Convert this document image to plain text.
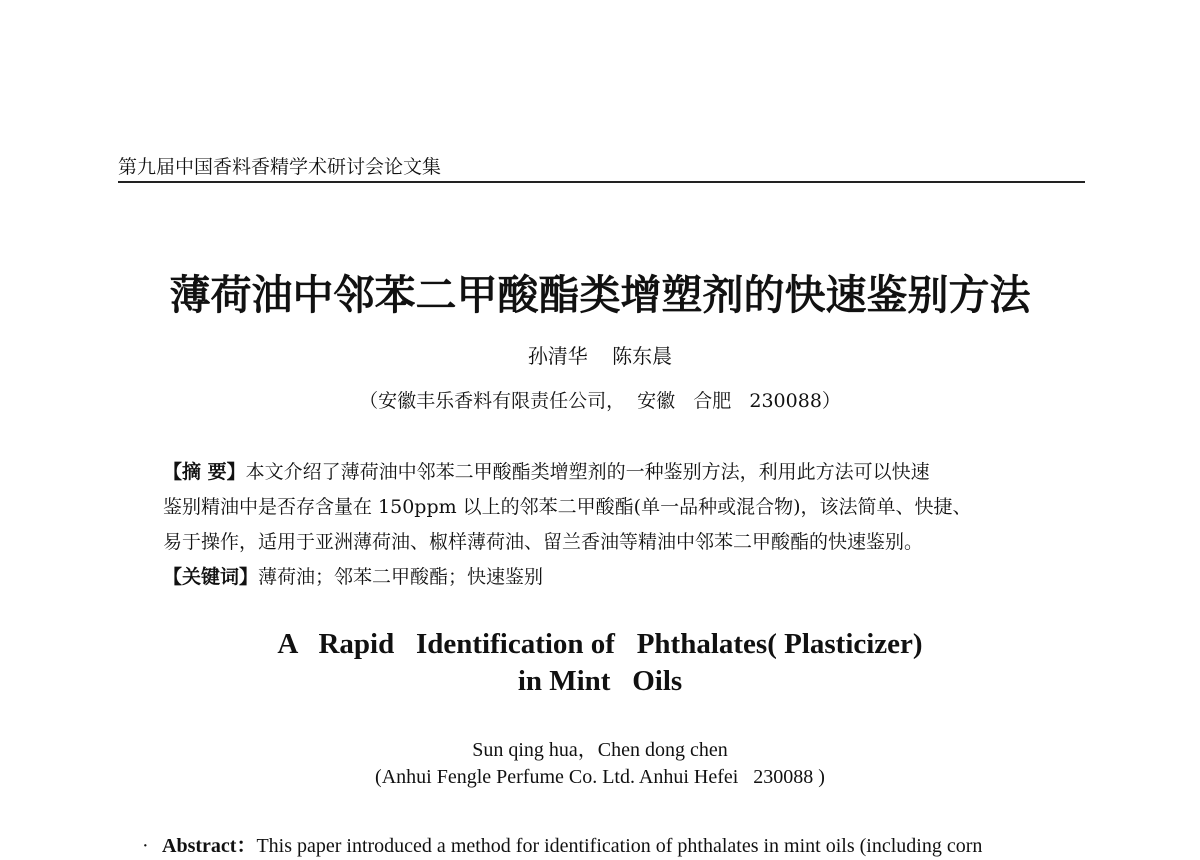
第九届中国香料香精学术研讨会论文集
薄荷油中邻苯二甲酸酯类增塑剂的快速鉴别方法
孙清华 陈东晨
（安徽丰乐香料有限责任公司，  安徽   合肥   230088）
【摘 要】本文介绍了薄荷油中邻苯二甲酸酯类增塑剂的一种鉴别方法，利用此方法可以快速
鉴别精油中是否存含量在 150ppm 以上的邻苯二甲酸酯(单一品种或混合物)，该法简单、快捷、
易于操作，适用于亚洲薄荷油、椒样薄荷油、留兰香油等精油中邻苯二甲酸酯的快速鉴别。
【关键词】薄荷油；邻苯二甲酸酯；快速鉴别
A   Rapid   Identification of   Phthalates( Plasticizer)
in Mint   Oils
Sun qing hua，Chen dong chen
(Anhui Fengle Perfume Co. Ltd. Anhui Hefei   230088 )
· Abstract：This paper introduced a method for identification of phthalates in mint oils (including corn
